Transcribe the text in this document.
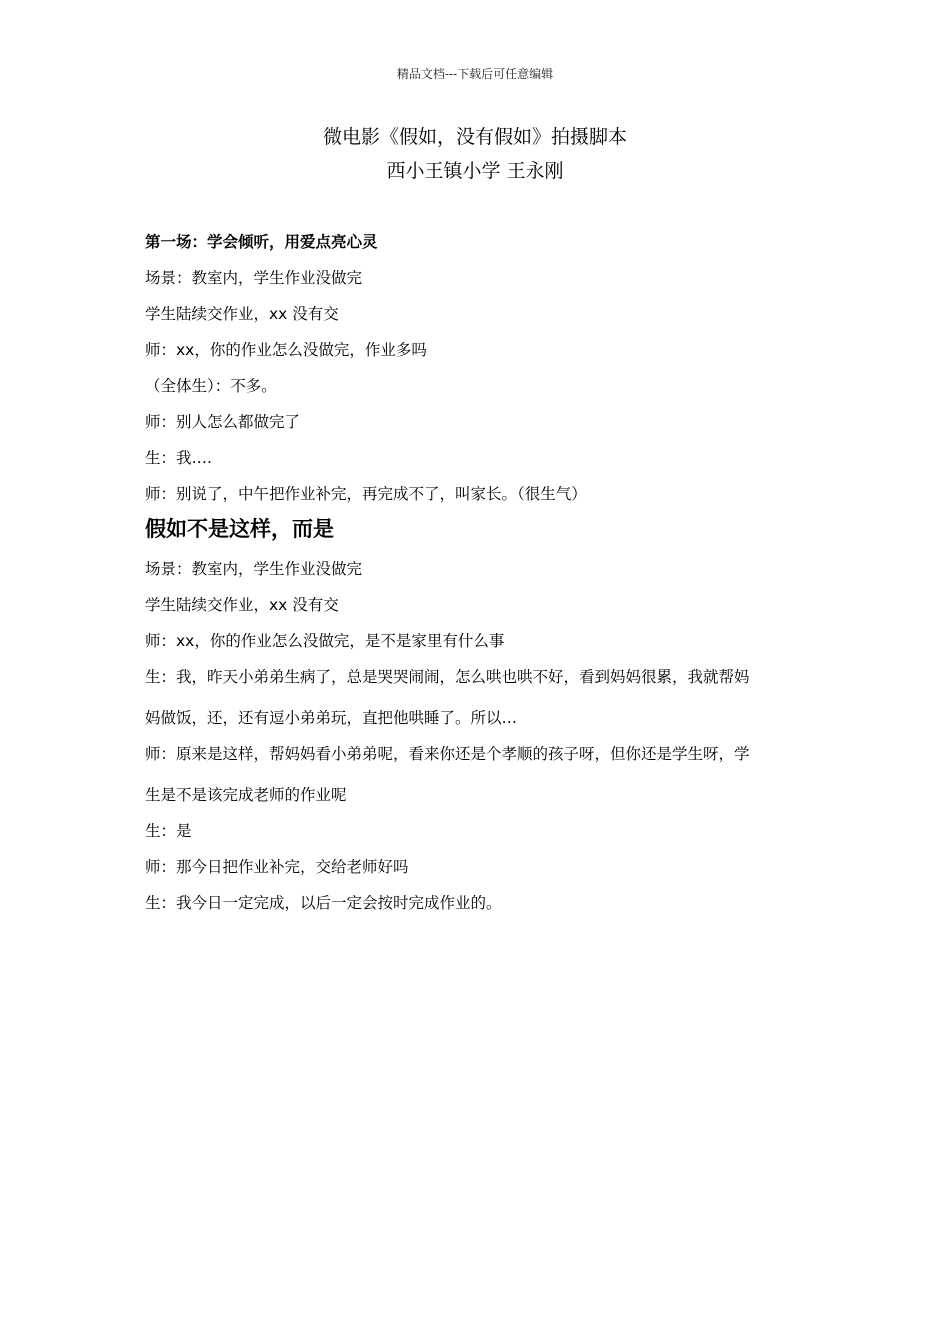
精品文档---下载后可任意编辑
微电影《假如，没有假如》拍摄脚本
西小王镇小学 王永刚
第一场：学会倾听，用爱点亮心灵
场景：教室内，学生作业没做完
学生陆续交作业，xx 没有交
师：xx，你的作业怎么没做完，作业多吗
（全体生）：不多。
师：别人怎么都做完了
生：我….
师：别说了，中午把作业补完，再完成不了，叫家长。（很生气）
假如不是这样，而是
场景：教室内，学生作业没做完
学生陆续交作业，xx 没有交
师：xx，你的作业怎么没做完，是不是家里有什么事
生：我，昨天小弟弟生病了，总是哭哭闹闹，怎么哄也哄不好，看到妈妈很累，我就帮妈
妈做饭，还，还有逗小弟弟玩，直把他哄睡了。所以…
师：原来是这样，帮妈妈看小弟弟呢，看来你还是个孝顺的孩子呀，但你还是学生呀，学
生是不是该完成老师的作业呢
生：是
师：那今日把作业补完，交给老师好吗
生：我今日一定完成，以后一定会按时完成作业的。
